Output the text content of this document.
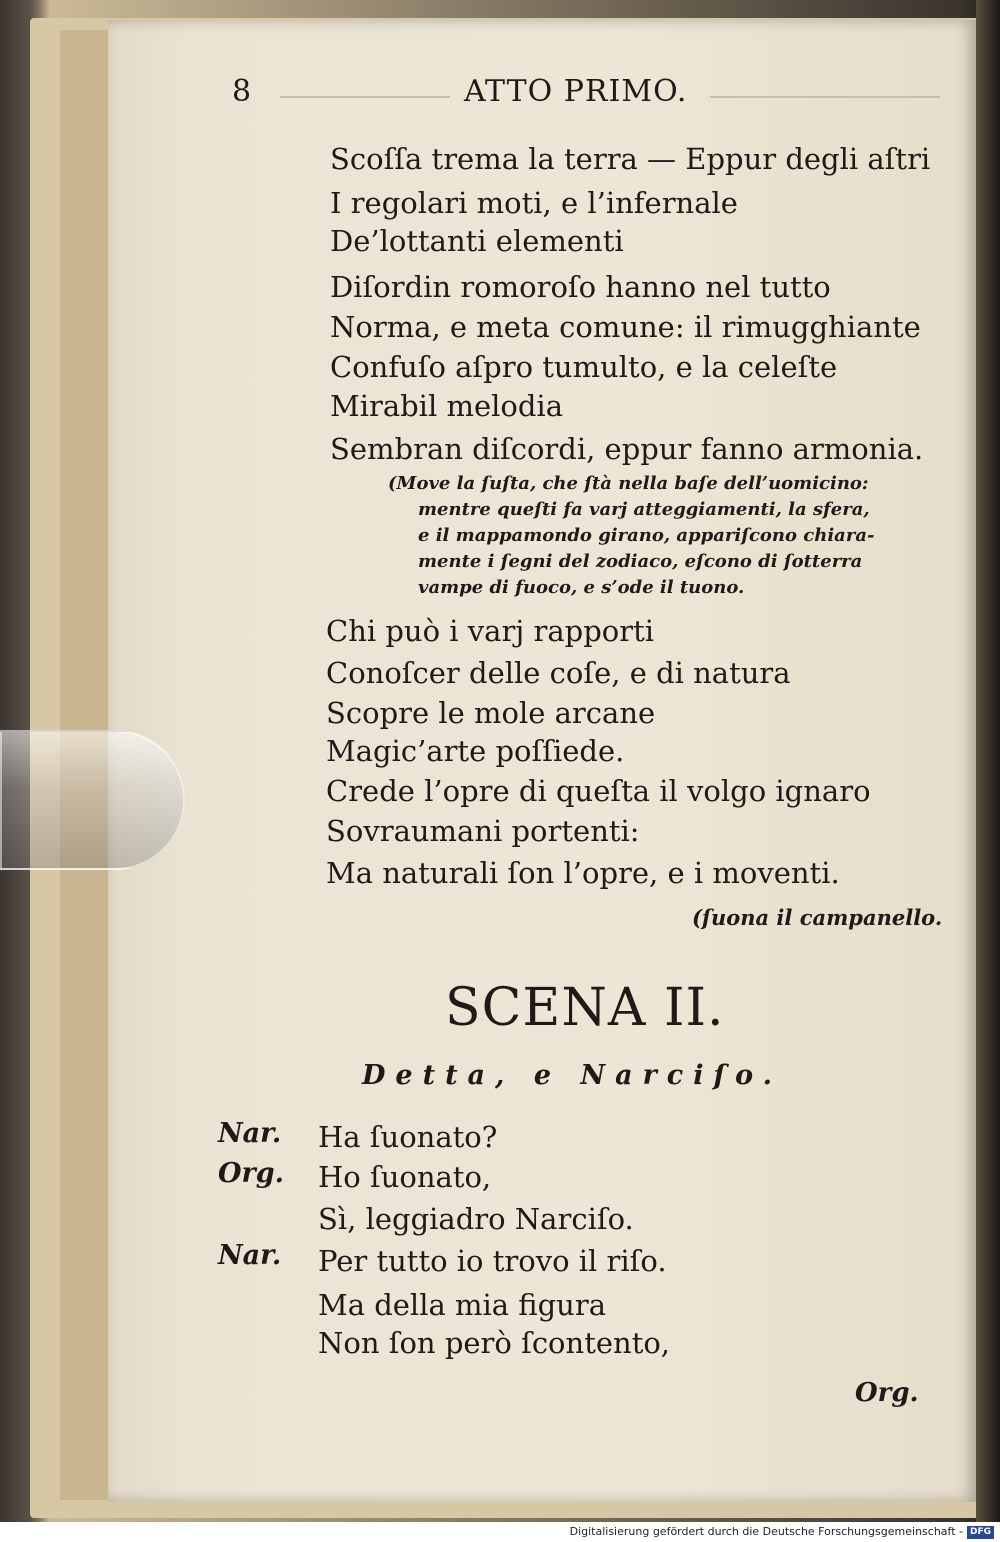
8	ATTO PRIMO.
Scoſſa trema la terra — Eppur degli aſtri
I regolari moti, e l’infernale
De’lottanti elementi
Diſordin romoroſo hanno nel tutto
Norma, e meta comune: il rimugghiante
Confuſo aſpro tumulto, e la celeſte
Mirabil melodia
Sembran diſcordi, eppur fanno armonia.
(Move la ſuſta, che ſtà nella baſe dell’uomicino:
mentre queſti fa varj atteggiamenti, la sfera,
e il mappamondo girano, appariſcono chiara-
mente i ſegni del zodiaco, eſcono di ſotterra
vampe di fuoco, e s’ode il tuono.
Chi può i varj rapporti
Conoſcer delle coſe, e di natura
Scopre le mole arcane
Magic’arte poſſiede.
Crede l’opre di queſta il volgo ignaro
Sovraumani portenti:
Ma naturali ſon l’opre, e i moventi.
(ſuona il campanello.
SCENA II.
Detta, e Narciſo.
Nar. Ha ſuonato?
Org. Ho ſuonato,
Sì, leggiadro Narciſo.
Nar. Per tutto io trovo il riſo.
Ma della mia figura
Non ſon però ſcontento,
Org.
Digitalisierung gefördert durch die Deutsche Forschungsgemeinschaft - DFG
